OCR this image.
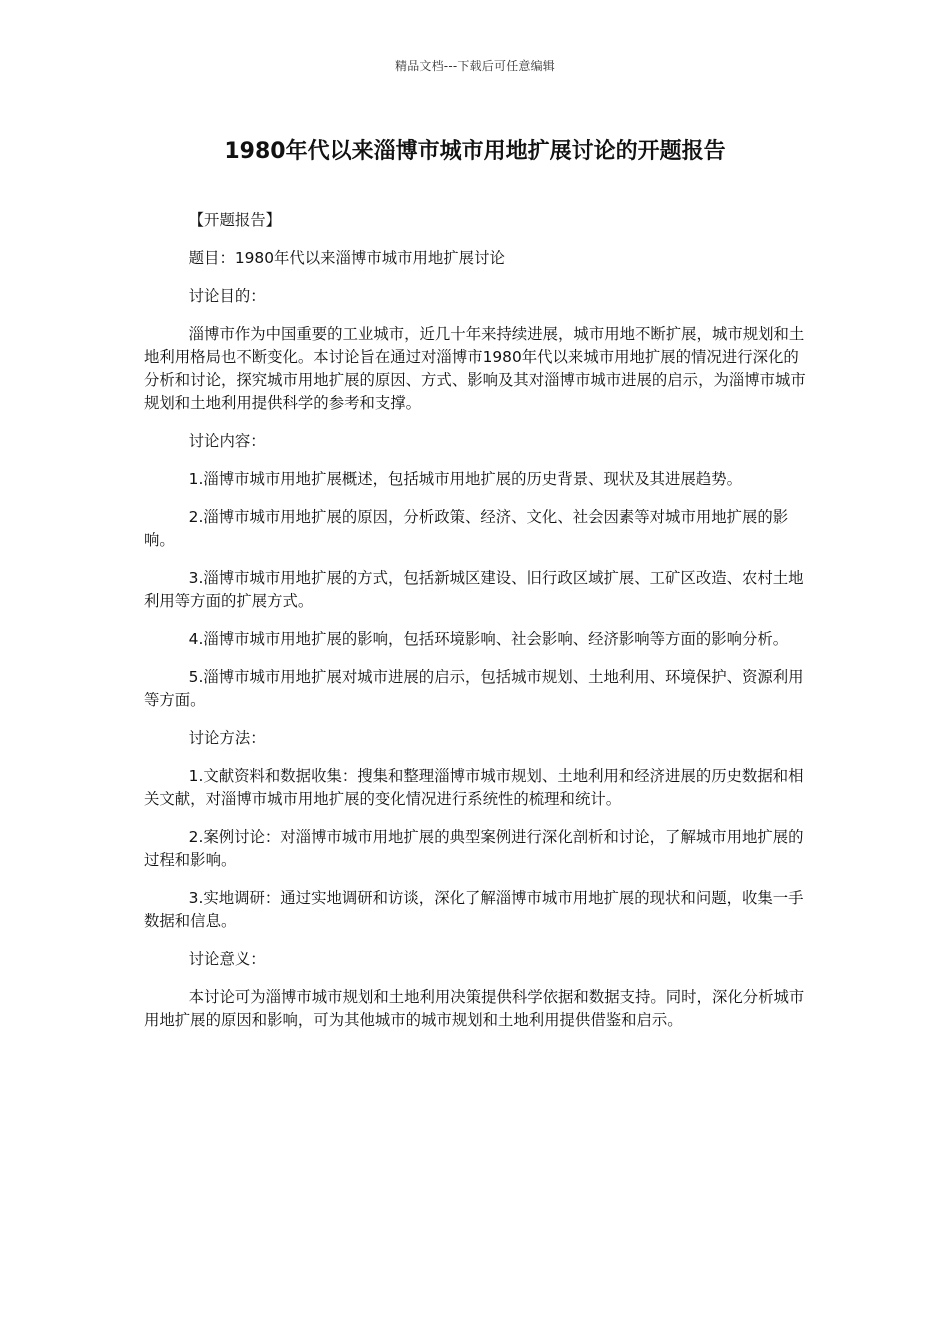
精品文档---下载后可任意编辑
1980年代以来淄博市城市用地扩展讨论的开题报告

【开题报告】

题目：1980年代以来淄博市城市用地扩展讨论

讨论目的：

淄博市作为中国重要的工业城市，近几十年来持续进展，城市用地不断扩展，城市规划和土地利用格局也不断变化。本讨论旨在通过对淄博市1980年代以来城市用地扩展的情况进行深化的分析和讨论，探究城市用地扩展的原因、方式、影响及其对淄博市城市进展的启示，为淄博市城市规划和土地利用提供科学的参考和支撑。

讨论内容：

1.淄博市城市用地扩展概述，包括城市用地扩展的历史背景、现状及其进展趋势。

2.淄博市城市用地扩展的原因，分析政策、经济、文化、社会因素等对城市用地扩展的影响。

3.淄博市城市用地扩展的方式，包括新城区建设、旧行政区域扩展、工矿区改造、农村土地利用等方面的扩展方式。

4.淄博市城市用地扩展的影响，包括环境影响、社会影响、经济影响等方面的影响分析。

5.淄博市城市用地扩展对城市进展的启示，包括城市规划、土地利用、环境保护、资源利用等方面。

讨论方法：

1.文献资料和数据收集：搜集和整理淄博市城市规划、土地利用和经济进展的历史数据和相关文献，对淄博市城市用地扩展的变化情况进行系统性的梳理和统计。

2.案例讨论：对淄博市城市用地扩展的典型案例进行深化剖析和讨论，了解城市用地扩展的过程和影响。

3.实地调研：通过实地调研和访谈，深化了解淄博市城市用地扩展的现状和问题，收集一手数据和信息。

讨论意义：

本讨论可为淄博市城市规划和土地利用决策提供科学依据和数据支持。同时，深化分析城市用地扩展的原因和影响，可为其他城市的城市规划和土地利用提供借鉴和启示。
